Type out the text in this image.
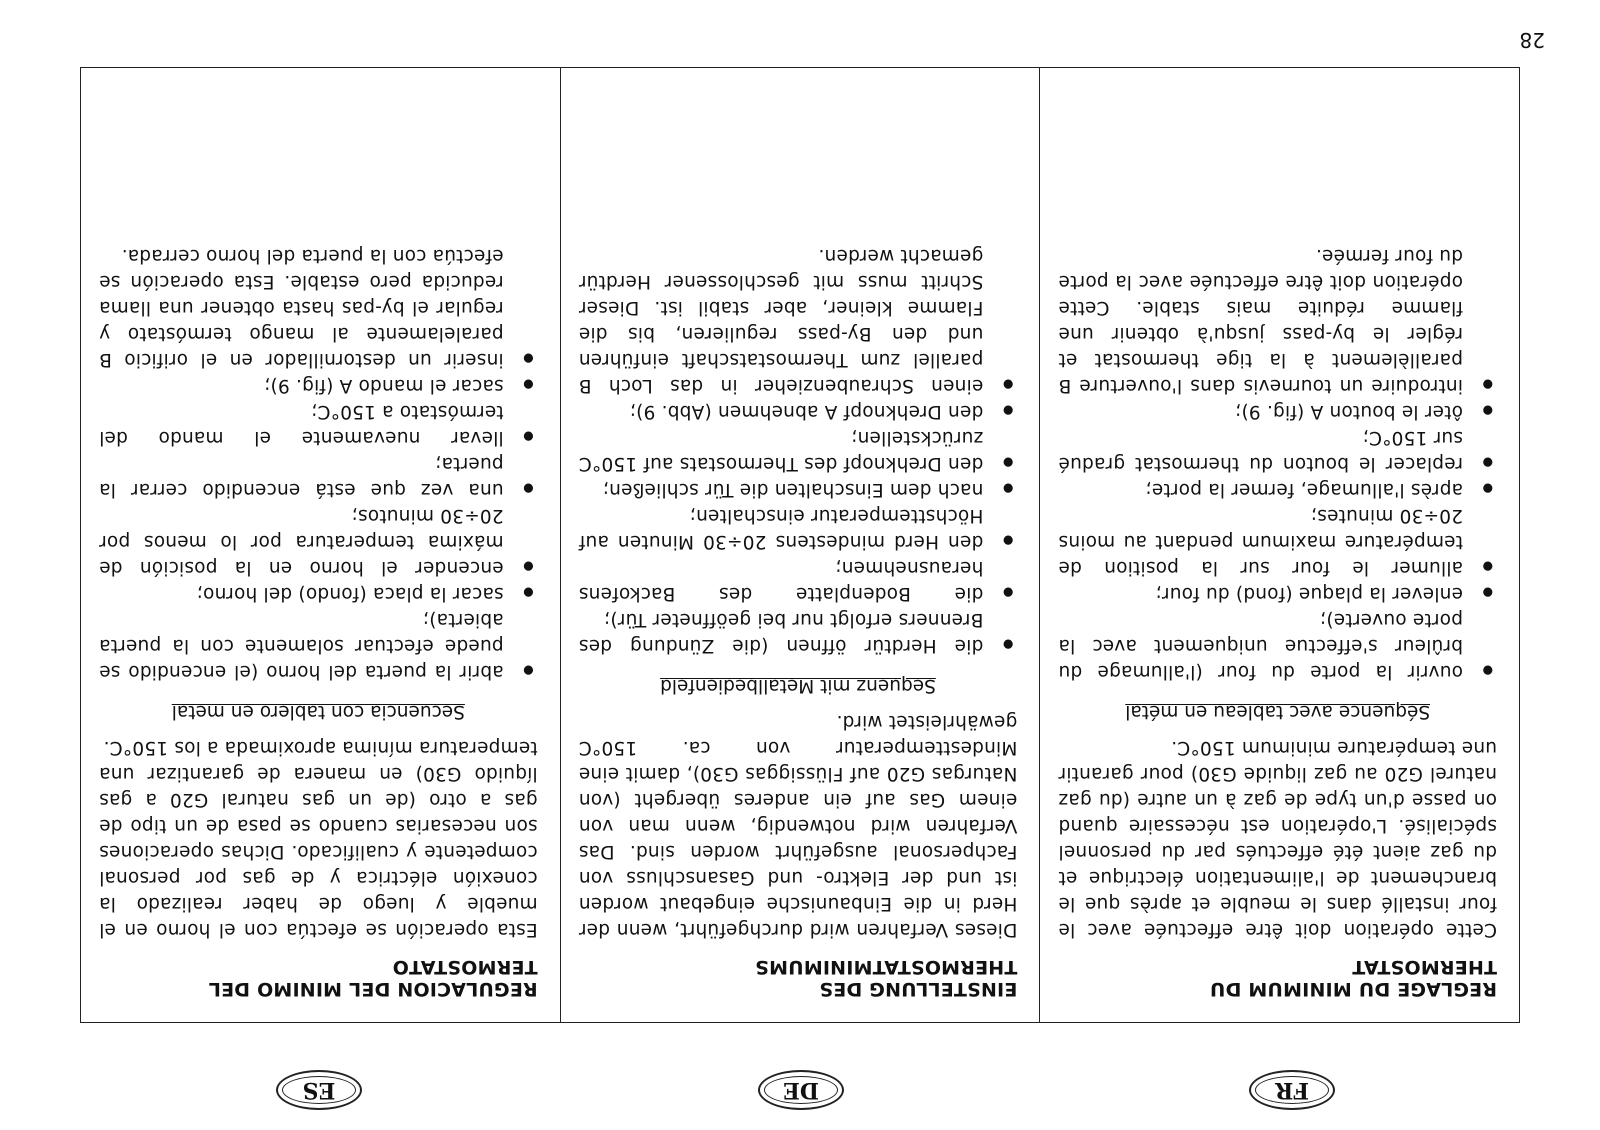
28
FR
DE
ES
REGLAGE DU MINIMUM DU THERMOSTAT

Cette opération doit être effectuée avec le four installé dans le meuble et après que le branchement de l'alimentation électrique et du gaz aient été effectués par du personnel spécialisé. L'opération est nécessaire quand on passe d'un type de gaz à un autre (du gaz naturel G20 au gaz liquide G30) pour garantir une température minimum 150°C.

Séquence avec tableau en métal

● ouvrir la porte du four (l'allumage du brûleur s'effectue uniquement avec la porte ouverte);
● enlever la plaque (fond) du four;
● allumer le four sur la position de température maximum pendant au moins 20÷30 minutes;
● après l'allumage, fermer la porte;
● replacer le bouton du thermostat gradué sur 150°C;
● ôter le bouton A (fig. 9);
● introduire un tournevis dans l'ouverture B parallèlement à la tige thermostat et régler le by-pass jusqu'à obtenir une flamme réduite mais stable. Cette opération doit être effectuée avec la porte du four fermée.
EINSTELLUNG DES THERMOSTATMINIMUMS

Dieses Verfahren wird durchgeführt, wenn der Herd in die Einbaunische eingebaut worden ist und der Elektro- und Gasanschluss von Fachpersonal ausgeführt worden sind. Das Verfahren wird notwendig, wenn man von einem Gas auf ein anderes übergeht (von Naturgas G20 auf Flüssiggas G30), damit eine Mindesttemperatur von ca. 150°C gewährleistet wird.

Sequenz mit Metallbedienfeld

● die Herdtür öffnen (die Zündung des Brenners erfolgt nur bei geöffneter Tür);
● die Bodenplatte des Backofens herausnehmen;
● den Herd mindestens 20÷30 Minuten auf Höchsttemperatur einschalten;
● nach dem Einschalten die Tür schließen;
● den Drehknopf des Thermostats auf 150°C zurückstellen;
● den Drehknopf A abnehmen (Abb. 9);
● einen Schraubenzieher in das Loch B parallel zum Thermostatschaft einführen und den By-pass regulieren, bis die Flamme kleiner, aber stabil ist. Dieser Schritt muss mit geschlossener Herdtür gemacht werden.
REGULACION DEL MINIMO DEL TERMOSTATO

Esta operación se efectúa con el horno en el mueble y luego de haber realizado la conexión eléctrica y de gas por personal competente y cualificado. Dichas operaciones son necesarias cuando se pasa de un tipo de gas a otro (de un gas natural G20 a gas líquido G30) en manera de garantizar una temperatura mínima aproximada a los 150°C.

Secuencia con tablero en metal

● abrir la puerta del horno (el encendido se puede efectuar solamente con la puerta abierta);
● sacar la placa (fondo) del horno;
● encender el horno en la posición de máxima temperatura por lo menos por 20÷30 minutos;
● una vez que está encendido cerrar la puerta;
● llevar nuevamente el mando del termóstato a 150°C;
● sacar el mando A (fig. 9);
● inserir un destornillador en el orificio B paralelamente al mango termóstato y regular el by-pas hasta obtener una llama reducida pero estable. Esta operación se efectúa con la puerta del horno cerrada.
